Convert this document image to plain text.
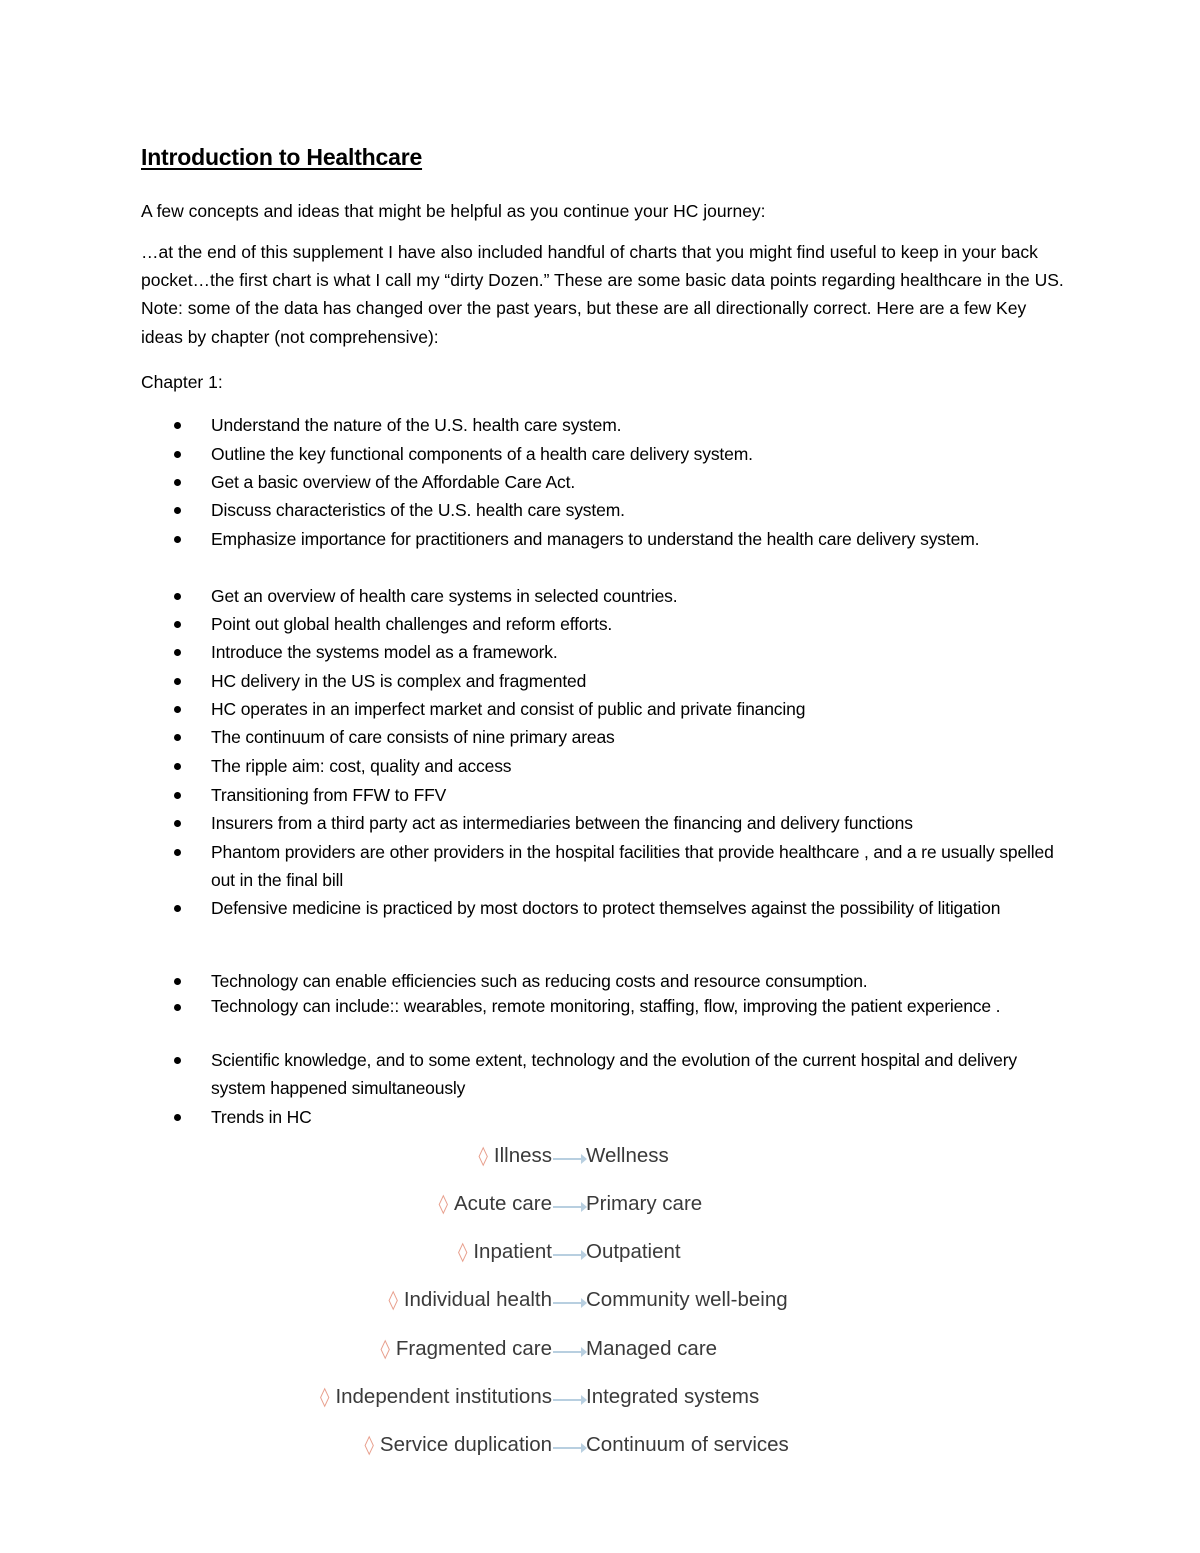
Introduction to Healthcare
A few concepts and ideas that might be helpful as you continue your HC journey:

…at the end of this supplement I have also included handful of charts that you might find useful to keep in your back pocket…the first chart is what I call my “dirty Dozen.” These are some basic data points regarding healthcare in the US. Note: some of the data has changed over the past years, but these are all directionally correct. Here are a few Key ideas by chapter (not comprehensive):

Chapter 1:
Understand the nature of the U.S. health care system.
Outline the key functional components of a health care delivery system.
Get a basic overview of the Affordable Care Act.
Discuss characteristics of the U.S. health care system.
Emphasize importance for practitioners and managers to understand the health care delivery system.
Get an overview of health care systems in selected countries.
Point out global health challenges and reform efforts.
Introduce the systems model as a framework.
HC delivery in the US is complex and fragmented
HC operates in an imperfect market and consist of public and private financing
The continuum of care consists of nine primary areas
The ripple aim: cost, quality and access
Transitioning from FFW to FFV
Insurers from a third party act as intermediaries between the financing and delivery functions
Phantom providers are other providers in the hospital facilities that provide healthcare , and a re usually spelled out in the final bill
Defensive medicine is practiced by most doctors to protect themselves against the possibility of litigation
Technology can enable efficiencies such as reducing costs and resource consumption.
Technology can include:: wearables, remote monitoring, staffing, flow, improving the patient experience .
Scientific knowledge, and to some extent, technology and the evolution of the current hospital and delivery system happened simultaneously
Trends in HC
◊ Illness Wellness
◊ Acute care Primary care
◊ Inpatient Outpatient
◊ Individual health Community well-being
◊ Fragmented care Managed care
◊ Independent institutions Integrated systems
◊ Service duplication Continuum of services
